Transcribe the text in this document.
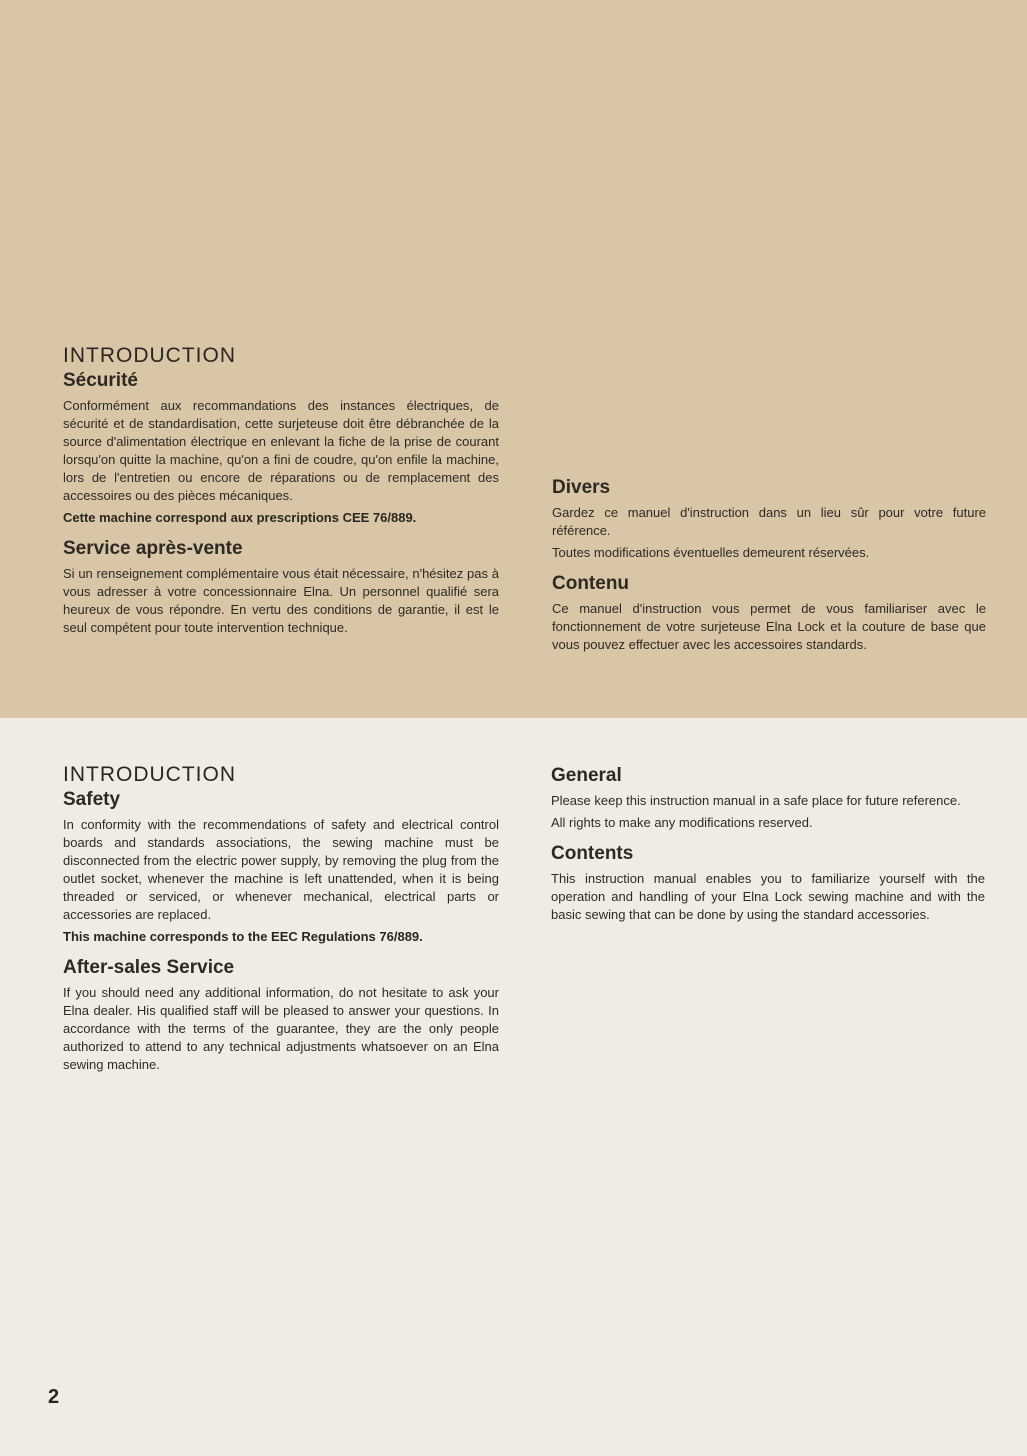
INTRODUCTION
Sécurité

Conformément aux recommandations des instances électriques, de sécurité et de standardisation, cette surjeteuse doit être débranchée de la source d'alimentation électrique en enlevant la fiche de la prise de courant lorsqu'on quitte la machine, qu'on a fini de coudre, qu'on enfile la machine, lors de l'entretien ou encore de réparations ou de remplacement des accessoires ou des pièces mécaniques.

Cette machine correspond aux prescriptions CEE 76/889.

Service après-vente

Si un renseignement complémentaire vous était nécessaire, n'hésitez pas à vous adresser à votre concessionnaire Elna. Un personnel qualifié sera heureux de vous répondre. En vertu des conditions de garantie, il est le seul compétent pour toute intervention technique.

Divers

Gardez ce manuel d'instruction dans un lieu sûr pour votre future référence.

Toutes modifications éventuelles demeurent réservées.

Contenu

Ce manuel d'instruction vous permet de vous familiariser avec le fonctionnement de votre surjeteuse Elna Lock et la couture de base que vous pouvez effectuer avec les accessoires standards.

INTRODUCTION
Safety

In conformity with the recommendations of safety and electrical control boards and standards associations, the sewing machine must be disconnected from the electric power supply, by removing the plug from the outlet socket, whenever the machine is left unattended, when it is being threaded or serviced, or whenever mechanical, electrical parts or accessories are replaced.

This machine corresponds to the EEC Regulations 76/889.

After-sales Service

If you should need any additional information, do not hesitate to ask your Elna dealer. His qualified staff will be pleased to answer your questions. In accordance with the terms of the guarantee, they are the only people authorized to attend to any technical adjustments whatsoever on an Elna sewing machine.

General

Please keep this instruction manual in a safe place for future reference.

All rights to make any modifications reserved.

Contents

This instruction manual enables you to familiarize yourself with the operation and handling of your Elna Lock sewing machine and with the basic sewing that can be done by using the standard accessories.

2
